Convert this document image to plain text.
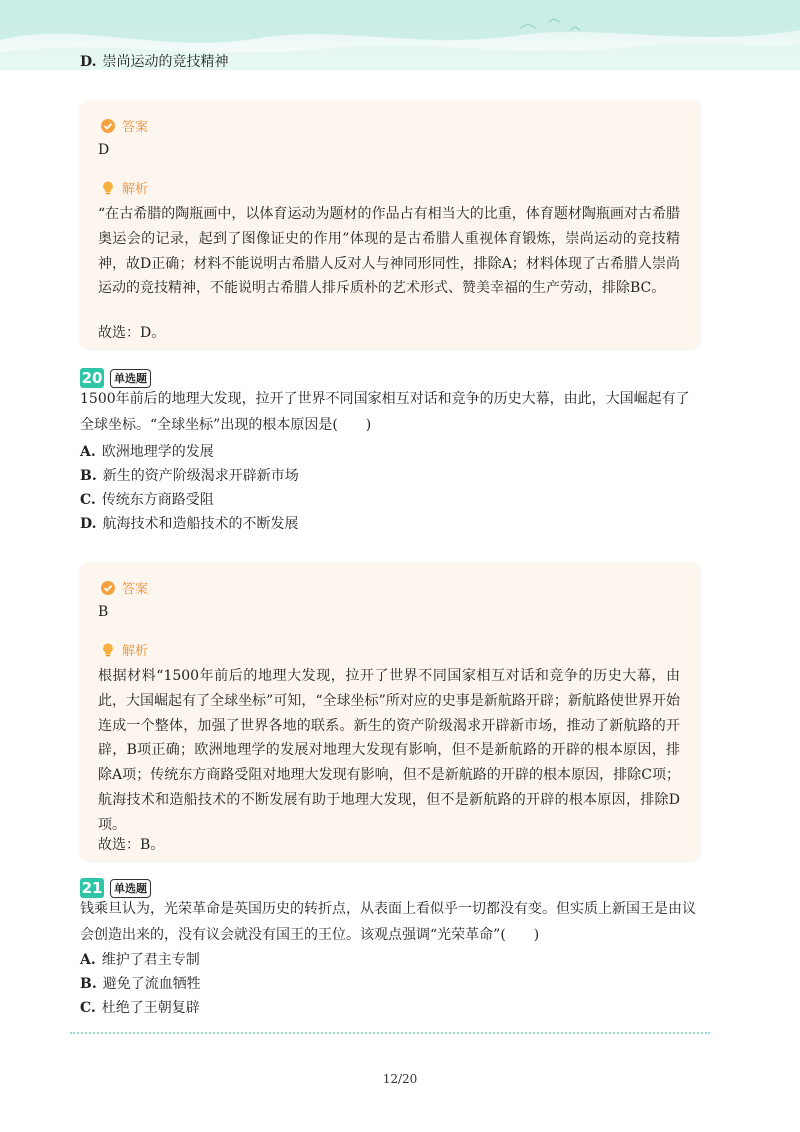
D. 崇尚运动的竞技精神
答案
D
解析
“在古希腊的陶瓶画中，以体育运动为题材的作品占有相当大的比重，体育题材陶瓶画对古希腊奥运会的记录，起到了图像证史的作用”体现的是古希腊人重视体育锻炼，崇尚运动的竞技精神，故D正确；材料不能说明古希腊人反对人与神同形同性，排除A；材料体现了古希腊人崇尚运动的竞技精神，不能说明古希腊人排斥质朴的艺术形式、赞美幸福的生产劳动，排除BC。
故选：D。
20	单选题
1500年前后的地理大发现，拉开了世界不同国家相互对话和竞争的历史大幕，由此，大国崛起有了全球坐标。“全球坐标”出现的根本原因是(　　)
A. 欧洲地理学的发展
B. 新生的资产阶级渴求开辟新市场
C. 传统东方商路受阻
D. 航海技术和造船技术的不断发展
答案
B
解析
根据材料“1500年前后的地理大发现，拉开了世界不同国家相互对话和竞争的历史大幕，由此，大国崛起有了全球坐标”可知，“全球坐标”所对应的史事是新航路开辟；新航路使世界开始连成一个整体，加强了世界各地的联系。新生的资产阶级渴求开辟新市场，推动了新航路的开辟，B项正确；欧洲地理学的发展对地理大发现有影响，但不是新航路的开辟的根本原因，排除A项；传统东方商路受阻对地理大发现有影响，但不是新航路的开辟的根本原因，排除C项；航海技术和造船技术的不断发展有助于地理大发现，但不是新航路的开辟的根本原因，排除D项。
故选：B。
21	单选题
钱乘旦认为，光荣革命是英国历史的转折点，从表面上看似乎一切都没有变。但实质上新国王是由议会创造出来的，没有议会就没有国王的王位。该观点强调“光荣革命”(　　)
A. 维护了君主专制
B. 避免了流血牺牲
C. 杜绝了王朝复辟
12/20
